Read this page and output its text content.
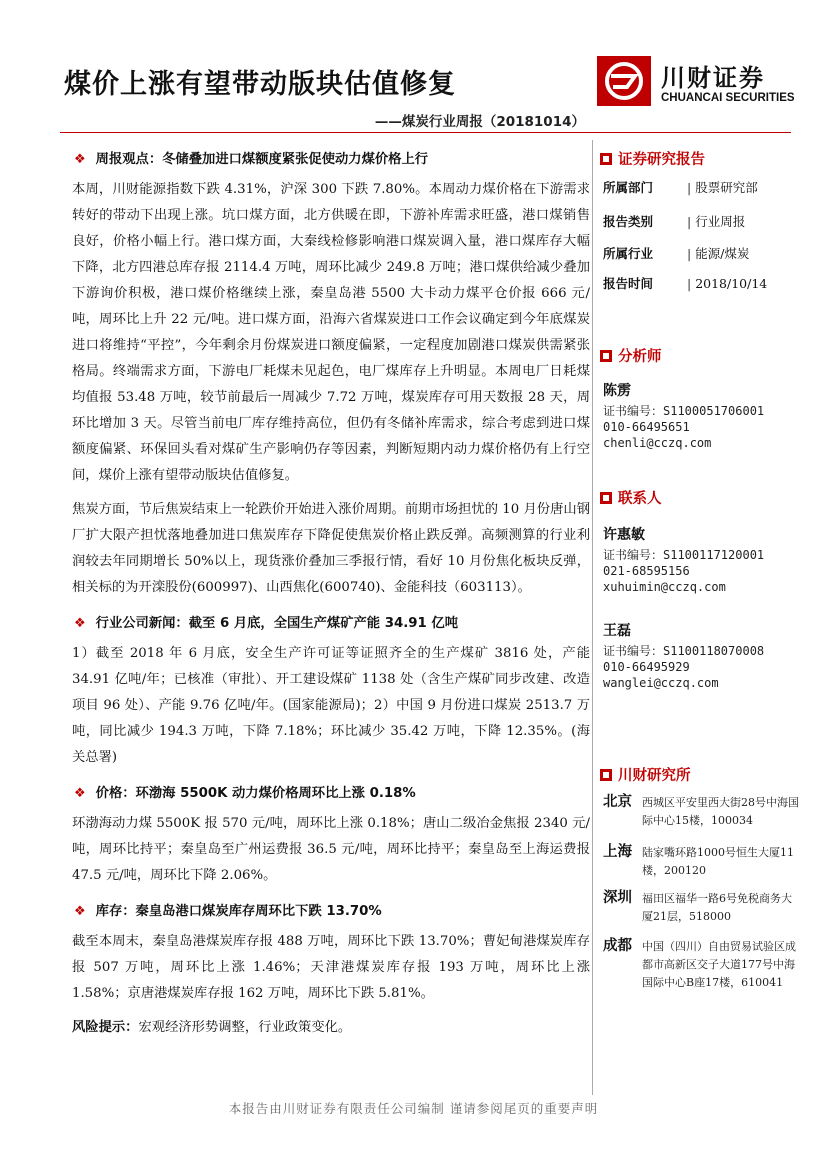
煤价上涨有望带动版块估值修复
——煤炭行业周报（20181014）
川财证券
CHUANCAI SECURITIES
❖ 周报观点：冬储叠加进口煤额度紧张促使动力煤价格上行

本周，川财能源指数下跌 4.31%，沪深 300 下跌 7.80%。本周动力煤价格在下游需求转好的带动下出现上涨。坑口煤方面，北方供暖在即，下游补库需求旺盛，港口煤销售良好，价格小幅上行。港口煤方面，大秦线检修影响港口煤炭调入量，港口煤库存大幅下降，北方四港总库存报 2114.4 万吨，周环比减少 249.8 万吨；港口煤供给减少叠加下游询价积极，港口煤价格继续上涨，秦皇岛港 5500 大卡动力煤平仓价报 666 元/吨，周环比上升 22 元/吨。进口煤方面，沿海六省煤炭进口工作会议确定到今年底煤炭进口将维持“平控”，今年剩余月份煤炭进口额度偏紧，一定程度加剧港口煤炭供需紧张格局。终端需求方面，下游电厂耗煤未见起色，电厂煤库存上升明显。本周电厂日耗煤均值报 53.48 万吨，较节前最后一周减少 7.72 万吨，煤炭库存可用天数报 28 天，周环比增加 3 天。尽管当前电厂库存维持高位，但仍有冬储补库需求，综合考虑到进口煤额度偏紧、环保回头看对煤矿生产影响仍存等因素，判断短期内动力煤价格仍有上行空间，煤价上涨有望带动版块估值修复。

焦炭方面，节后焦炭结束上一轮跌价开始进入涨价周期。前期市场担忧的 10 月份唐山钢厂扩大限产担忧落地叠加进口焦炭库存下降促使焦炭价格止跌反弹。高频测算的行业利润较去年同期增长 50%以上，现货涨价叠加三季报行情，看好 10 月份焦化板块反弹，相关标的为开滦股份(600997)、山西焦化(600740)、金能科技（603113）。

❖ 行业公司新闻：截至 6 月底，全国生产煤矿产能 34.91 亿吨

1）截至 2018 年 6 月底，安全生产许可证等证照齐全的生产煤矿 3816 处，产能 34.91 亿吨/年；已核准（审批）、开工建设煤矿 1138 处（含生产煤矿同步改建、改造项目 96 处）、产能 9.76 亿吨/年。(国家能源局)；2）中国 9 月份进口煤炭 2513.7 万吨，同比减少 194.3 万吨，下降 7.18%；环比减少 35.42 万吨，下降 12.35%。(海关总署)

❖ 价格：环渤海 5500K 动力煤价格周环比上涨 0.18%

环渤海动力煤 5500K 报 570 元/吨，周环比上涨 0.18%；唐山二级冶金焦报 2340 元/吨，周环比持平；秦皇岛至广州运费报 36.5 元/吨，周环比持平；秦皇岛至上海运费报 47.5 元/吨，周环比下降 2.06%。

❖ 库存：秦皇岛港口煤炭库存周环比下跌 13.70%

截至本周末，秦皇岛港煤炭库存报 488 万吨，周环比下跌 13.70%；曹妃甸港煤炭库存报 507 万吨，周环比上涨 1.46%；天津港煤炭库存报 193 万吨，周环比上涨 1.58%；京唐港煤炭库存报 162 万吨，周环比下跌 5.81%。

风险提示：宏观经济形势调整，行业政策变化。

证券研究报告
所属部门	| 股票研究部
报告类别	| 行业周报
所属行业	| 能源/煤炭
报告时间	| 2018/10/14
分析师
陈雳
证书编号：S1100051706001
010-66495651
chenli@cczq.com
联系人
许惠敏
证书编号：S1100117120001
021-68595156
xuhuimin@cczq.com
王磊
证书编号：S1100118070008
010-66495929
wanglei@cczq.com
川财研究所
北京 西城区平安里西大街28号中海国际中心15楼，100034
上海 陆家嘴环路1000号恒生大厦11楼，200120
深圳 福田区福华一路6号免税商务大厦21层，518000
成都 中国（四川）自由贸易试验区成都市高新区交子大道177号中海国际中心B座17楼，610041
本报告由川财证券有限责任公司编制 谨请参阅尾页的重要声明
